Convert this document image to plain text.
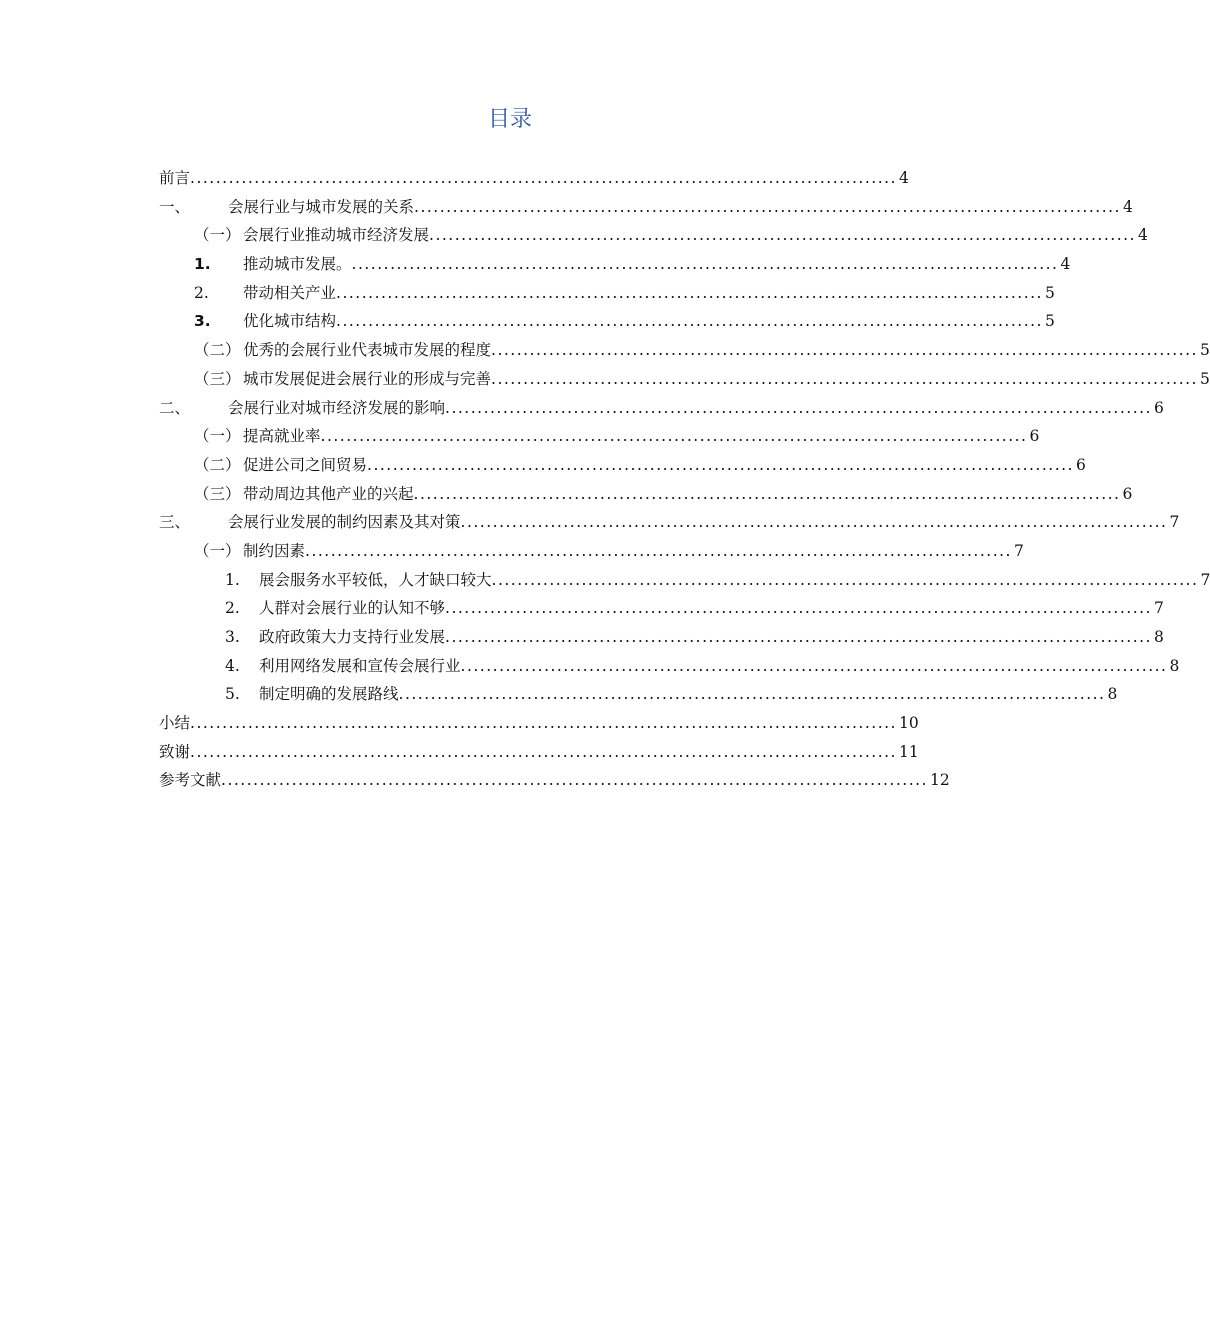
目录
前言 .............................................................................................................. 4
一、	会展行业与城市发展的关系 .............................................................................................................. 4
（一） 会展行业推动城市经济发展 .............................................................................................................. 4
1.	推动城市发展。 .............................................................................................................. 4
2.	带动相关产业 .............................................................................................................. 5
3.	优化城市结构 .............................................................................................................. 5
（二） 优秀的会展行业代表城市发展的程度 .............................................................................................................. 5
（三） 城市发展促进会展行业的形成与完善 .............................................................................................................. 5
二、	会展行业对城市经济发展的影响 .............................................................................................................. 6
（一） 提高就业率 .............................................................................................................. 6
（二） 促进公司之间贸易 .............................................................................................................. 6
（三） 带动周边其他产业的兴起 .............................................................................................................. 6
三、	会展行业发展的制约因素及其对策 .............................................................................................................. 7
（一） 制约因素 .............................................................................................................. 7
1.	展会服务水平较低，人才缺口较大 .............................................................................................................. 7
2.	人群对会展行业的认知不够 .............................................................................................................. 7
3.	政府政策大力支持行业发展 .............................................................................................................. 8
4.	利用网络发展和宣传会展行业 .............................................................................................................. 8
5.	制定明确的发展路线 .............................................................................................................. 8
小结 .............................................................................................................. 10
致谢 .............................................................................................................. 11
参考文献 .............................................................................................................. 12
